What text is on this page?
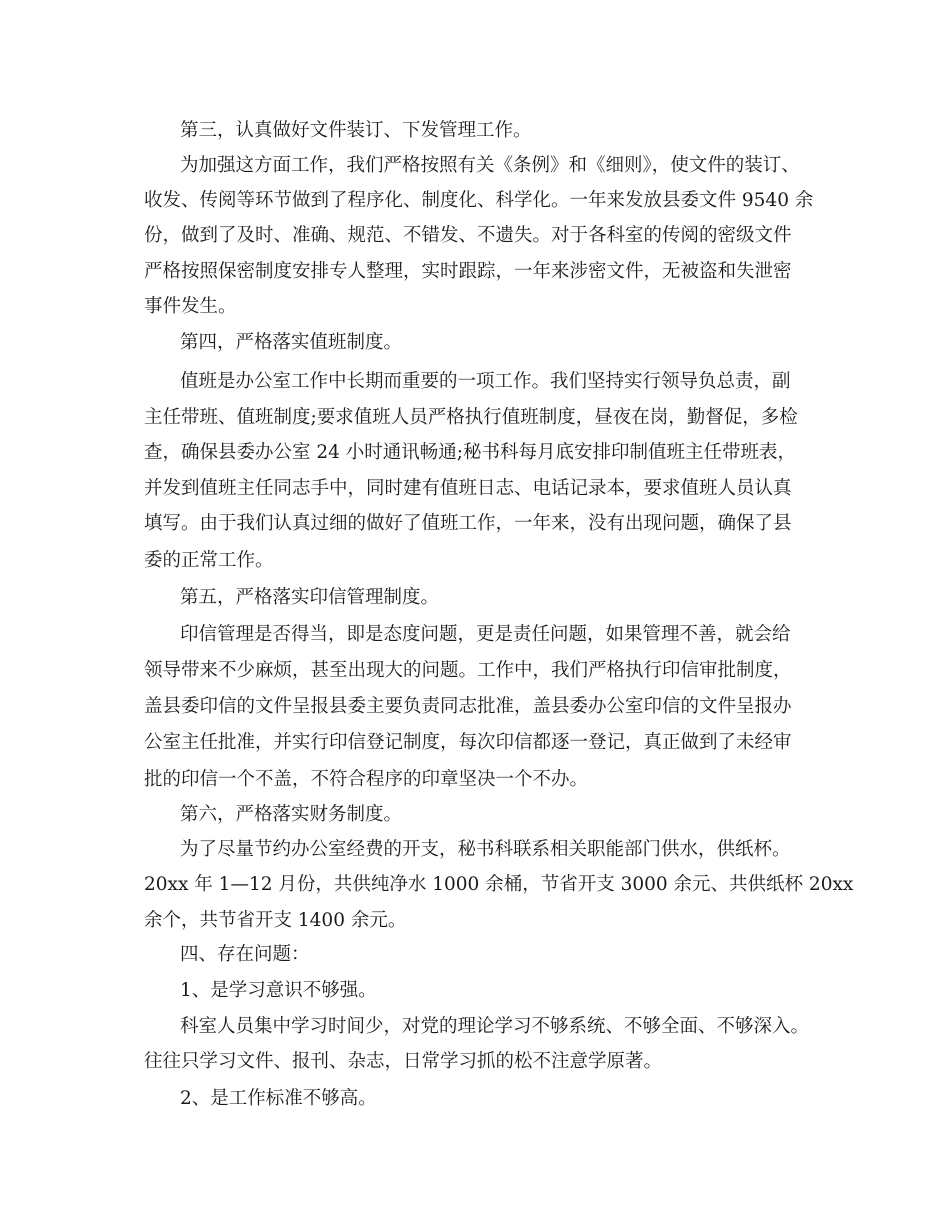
第三，认真做好文件装订、下发管理工作。
为加强这方面工作，我们严格按照有关《条例》和《细则》，使文件的装订、
收发、传阅等环节做到了程序化、制度化、科学化。一年来发放县委文件 9540 余
份，做到了及时、准确、规范、不错发、不遗失。对于各科室的传阅的密级文件
严格按照保密制度安排专人整理，实时跟踪，一年来涉密文件，无被盗和失泄密
事件发生。
第四，严格落实值班制度。
值班是办公室工作中长期而重要的一项工作。我们坚持实行领导负总责，副
主任带班、值班制度;要求值班人员严格执行值班制度，昼夜在岗，勤督促，多检
查，确保县委办公室 24 小时通讯畅通;秘书科每月底安排印制值班主任带班表，
并发到值班主任同志手中，同时建有值班日志、电话记录本，要求值班人员认真
填写。由于我们认真过细的做好了值班工作，一年来，没有出现问题，确保了县
委的正常工作。
第五，严格落实印信管理制度。
印信管理是否得当，即是态度问题，更是责任问题，如果管理不善，就会给
领导带来不少麻烦，甚至出现大的问题。工作中，我们严格执行印信审批制度，
盖县委印信的文件呈报县委主要负责同志批准，盖县委办公室印信的文件呈报办
公室主任批准，并实行印信登记制度，每次印信都逐一登记，真正做到了未经审
批的印信一个不盖，不符合程序的印章坚决一个不办。
第六，严格落实财务制度。
为了尽量节约办公室经费的开支，秘书科联系相关职能部门供水，供纸杯。
20xx 年 1—12 月份，共供纯净水 1000 余桶，节省开支 3000 余元、共供纸杯 20xx
余个，共节省开支 1400 余元。
四、存在问题：
1、是学习意识不够强。
科室人员集中学习时间少，对党的理论学习不够系统、不够全面、不够深入。
往往只学习文件、报刊、杂志，日常学习抓的松不注意学原著。
2、是工作标准不够高。
